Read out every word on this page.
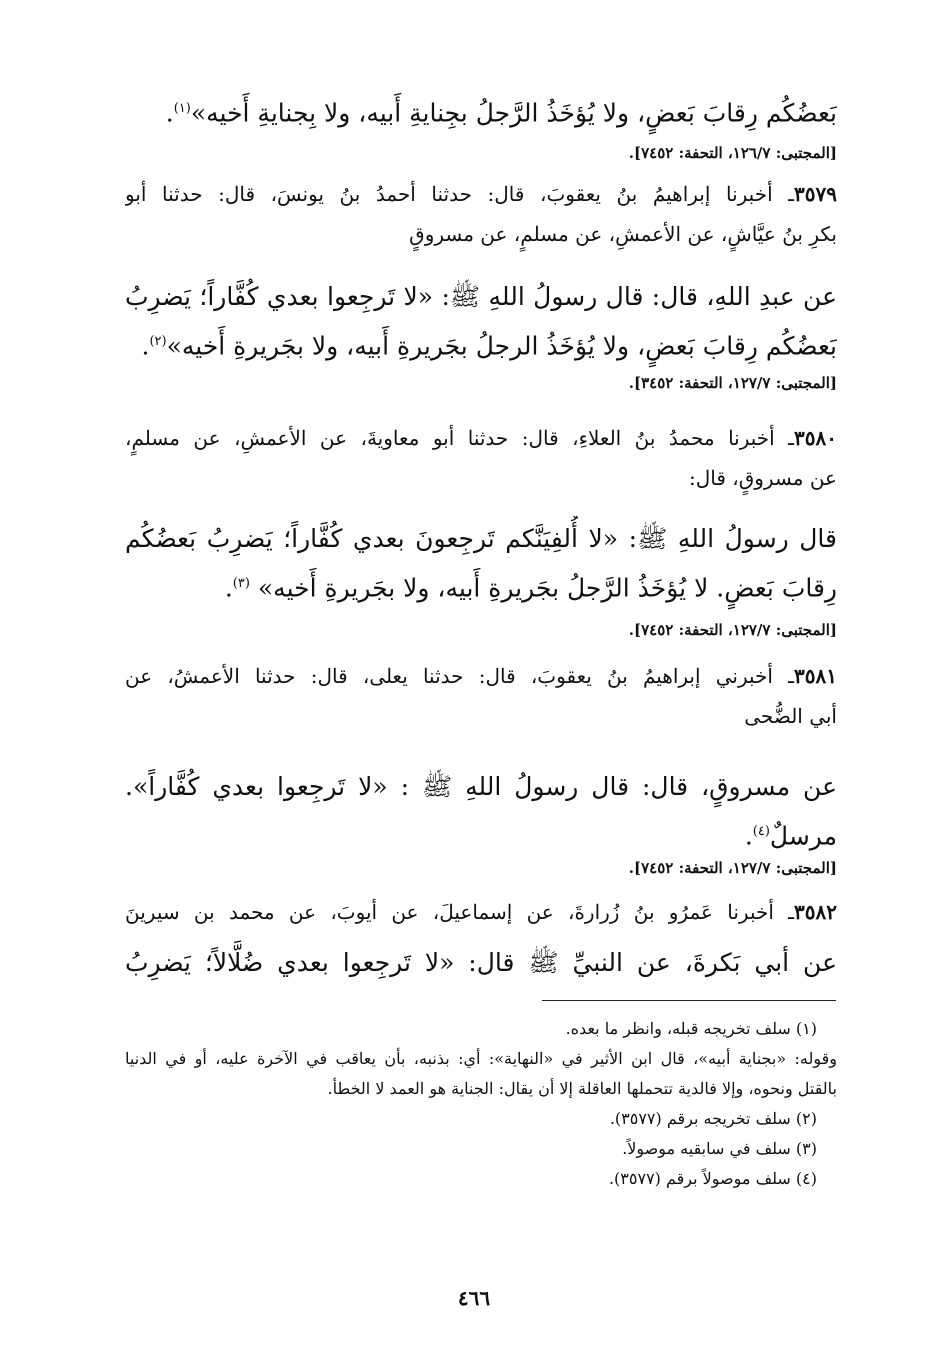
بَعضُكُم رِقابَ بَعضٍ، ولا يُؤخَذُ الرَّجلُ بجِنايةِ أَبيه، ولا بِجنايةِ أَخيه»$^{(١)}$.
[المجتبى: ١٢٦/٧، التحفة: ٧٤٥٢].
٣٥٧٩ـ أخبرنا إبراهيمُ بنُ يعقوبَ، قال: حدثنا أحمدُ بنُ يونسَ، قال: حدثنا أبو
بكرِ بنُ عيَّاشٍ، عن الأعمشِ، عن مسلمٍ، عن مسروقٍ
عن عبدِ اللهِ، قال: قال رسولُ اللهِ ﷺ: «لا تَرجِعوا بعدي كُفَّاراً؛ يَضرِبُ
بَعضُكُم رِقابَ بَعضٍ، ولا يُؤخَذُ الرجلُ بجَريرةِ أَبيه، ولا بجَريرةِ أَخيه»$^{(٢)}$.
[المجتبى: ١٢٧/٧، التحفة: ٣٤٥٢].
٣٥٨٠ـ أخبرنا محمدُ بنُ العلاءِ، قال: حدثنا أبو معاويةَ، عن الأعمشِ، عن مسلمٍ،
عن مسروقٍ، قال:
قال رسولُ اللهِ ﷺ: «لا أُلفِيَنَّكم تَرجِعونَ بعدي كُفَّاراً؛ يَضرِبُ بَعضُكُم
رِقابَ بَعضٍ. لا يُؤخَذُ الرَّجلُ بجَريرةِ أَبيه، ولا بجَريرةِ أَخيه» $^{(٣)}$.
[المجتبى: ١٢٧/٧، التحفة: ٧٤٥٢].
٣٥٨١ـ أخبرني إبراهيمُ بنُ يعقوبَ، قال: حدثنا يعلى، قال: حدثنا الأعمشُ، عن
أبي الضُّحى
عن مسروقٍ، قال: قال رسولُ اللهِ ﷺ : «لا تَرجِعوا بعدي كُفَّاراً».
مرسلٌ$^{(٤)}$.
[المجتبى: ١٢٧/٧، التحفة: ٧٤٥٢].
٣٥٨٢ـ أخبرنا عَمرُو بنُ زُرارةَ، عن إسماعيلَ، عن أيوبَ، عن محمد بن سيرينَ
عن أبي بَكرةَ، عن النبيِّ ﷺ قال: «لا تَرجِعوا بعدي ضُلَّالاً؛ يَضرِبُ
(١) سلف تخريجه قبله، وانظر ما بعده.
وقوله: «بجناية أبيه»، قال ابن الأثير في «النهاية»: أي: بذنبه، بأن يعاقب في الآخرة عليه، أو في الدنيا
بالقتل ونحوه، وإلا فالدية تتحملها العاقلة إلا أن يقال: الجناية هو العمد لا الخطأ.
(٢) سلف تخريجه برقم (٣٥٧٧).
(٣) سلف في سابقيه موصولاً.
(٤) سلف موصولاً برقم (٣٥٧٧).
٤٦٦
